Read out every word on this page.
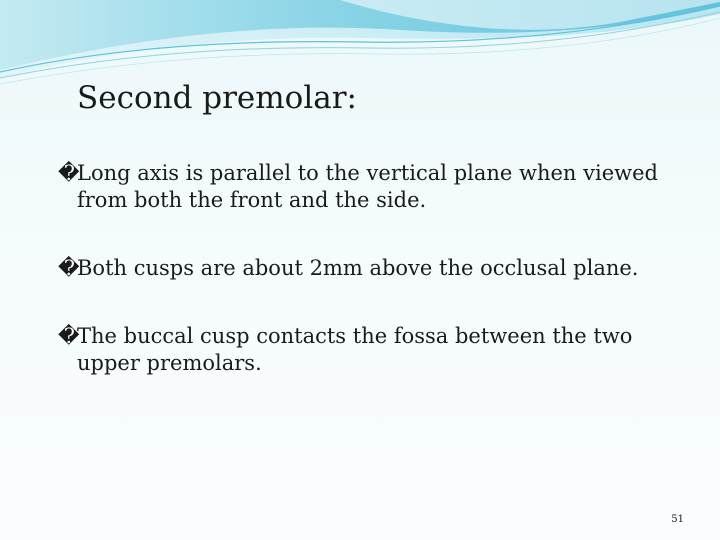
Second premolar:
�
Long axis is parallel to the vertical plane when viewed from both the front and the side.
�
Both cusps are about 2mm above the occlusal plane.
�
The buccal cusp contacts the fossa between the two upper premolars.
51
